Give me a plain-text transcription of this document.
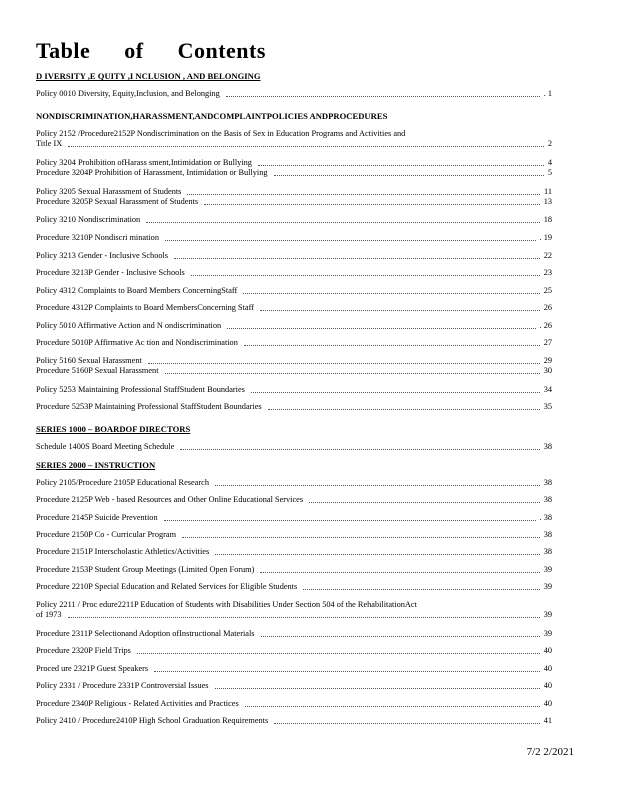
Table of Contents
D IVERSITY ,E QUITY ,I NCLUSION , AND BELONGING
Policy 0010 Diversity, Equity,Inclusion, and Belonging	. 1
NONDISCRIMINATION,HARASSMENT,ANDCOMPLAINTPOLICIES ANDPROCEDURES
Policy 2152 /Procedure2152P Nondiscrimination on the Basis of Sex in Education Programs and Activities and
Title IX	2
Policy 3204 Prohibition ofHarass sment,Intimidation or Bullying	4
Procedure 3204P Prohibition of Harassment, Intimidation or Bullying	5
Policy 3205 Sexual Harassment of Students	11
Procedure 3205P Sexual Harassment of Students	13
Policy 3210 Nondiscrimination	18
Procedure 3210P Nondiscri mination	. 19
Policy 3213 Gender - Inclusive Schools	22
Procedure 3213P Gender - Inclusive Schools	23
Policy 4312 Complaints to Board Members ConcerningStaff	25
Procedure 4312P Complaints to Board MembersConcerning Staff	26
Policy 5010 Affirmative Action and N ondiscrimination	. 26
Procedure 5010P Affirmative Ac tion and Nondiscrimination	27
Policy 5160 Sexual Harassment	29
Procedure 5160P Sexual Harassment	30
Policy 5253 Maintaining Professional StaffStudent Boundaries	34
Procedure 5253P Maintaining Professional StaffStudent Boundaries	35
SERIES 1000 – BOARDOF DIRECTORS
Schedule 1400S Board Meeting Schedule	38
SERIES 2000 – INSTRUCTION
Policy 2105/Procedure 2105P Educational Research	38
Procedure 2125P Web - based Resources and Other Online Educational Services	38
Procedure 2145P Suicide Prevention	. 38
Procedure 2150P Co - Curricular Program	38
Procedure 2151P Interscholastic Athletics/Activities	38
Procedure 2153P Student Group Meetings (Limited Open Forum)	39
Procedure 2210P Special Education and Related Services for Eligible Students	39
Policy 2211 / Proc edure2211P Education of Students with Disabilities Under Section 504 of the RehabilitationAct
of 1973	39
Procedure 2311P Selectionand Adoption ofInstructional Materials	39
Procedure 2320P Field Trips	40
Proced ure 2321P Guest Speakers	40
Policy 2331 / Procedure 2331P Controversial Issues	40
Procedure 2340P Religious - Related Activities and Practices	40
Policy 2410 / Procedure2410P High School Graduation Requirements	41
7/2 2/2021
